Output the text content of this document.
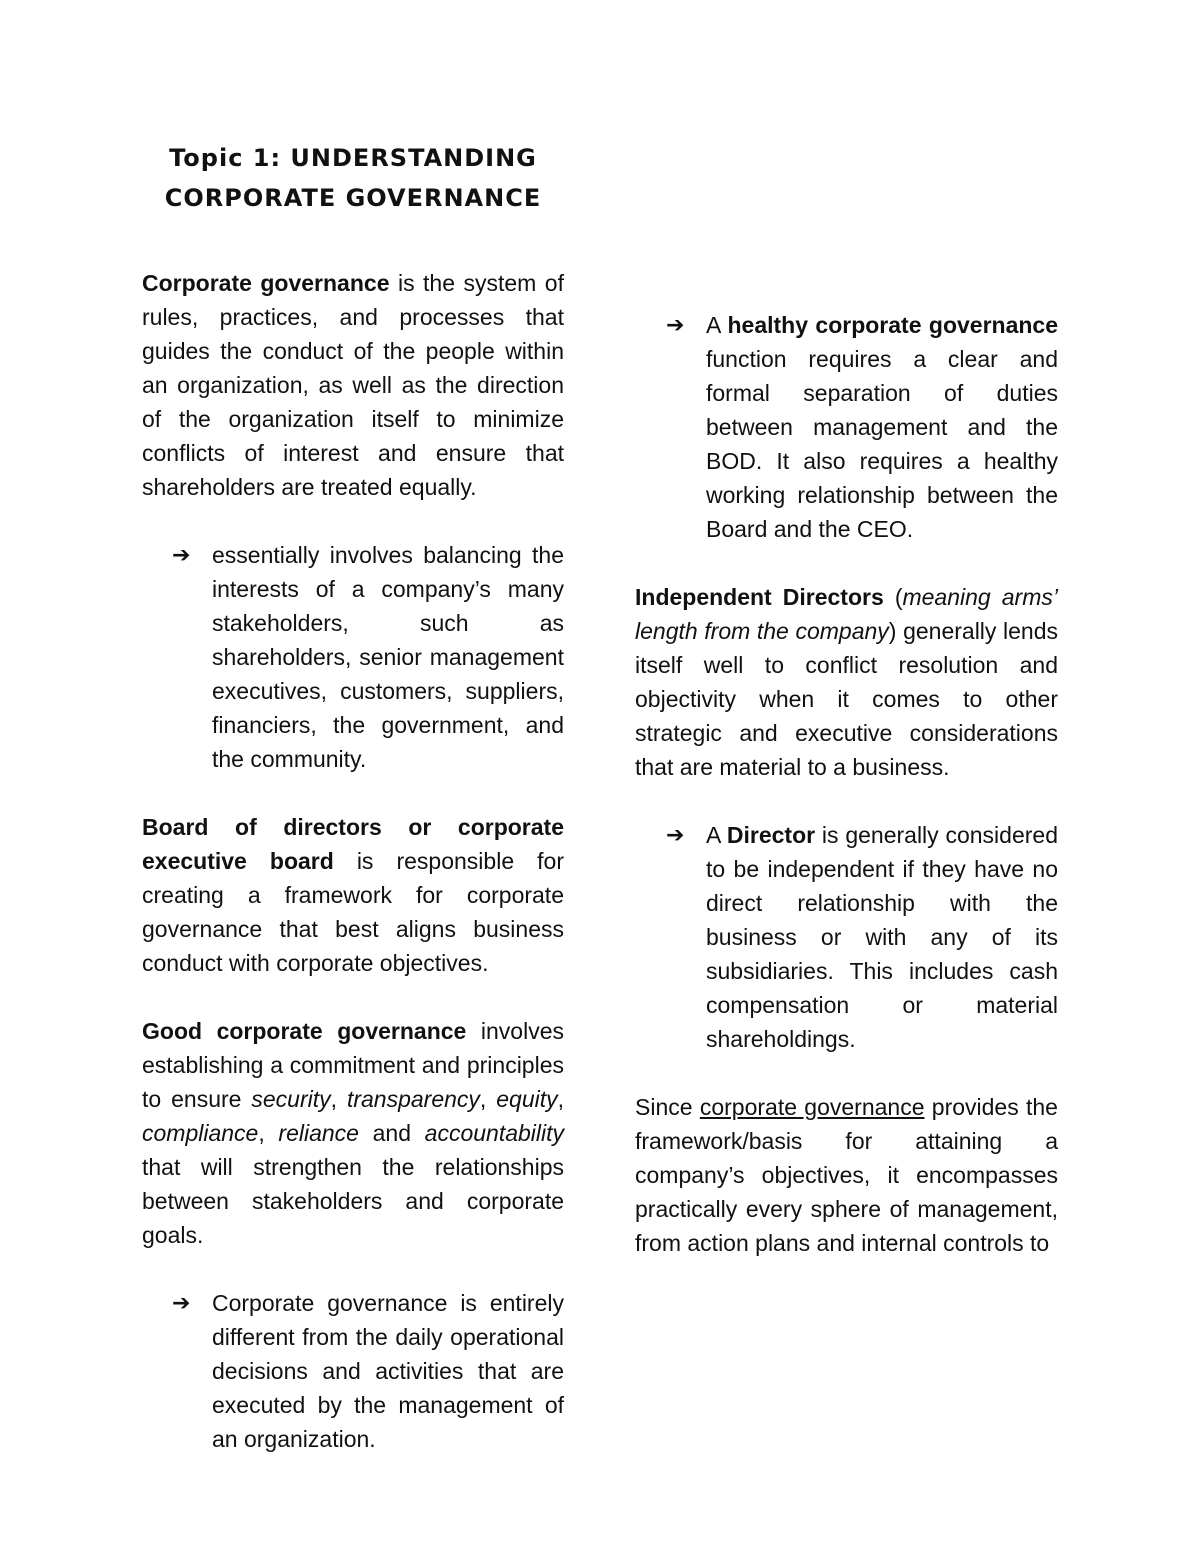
Topic 1: UNDERSTANDING
CORPORATE GOVERNANCE

Corporate governance is the system of rules, practices, and processes that guides the conduct of the people within an organization, as well as the direction of the organization itself to minimize conflicts of interest and ensure that shareholders are treated equally.

➔ essentially involves balancing the interests of a company’s many stakeholders, such as shareholders, senior management executives, customers, suppliers, financiers, the government, and the community.

Board of directors or corporate executive board is responsible for creating a framework for corporate governance that best aligns business conduct with corporate objectives.

Good corporate governance involves establishing a commitment and principles to ensure security, transparency, equity, compliance, reliance and accountability that will strengthen the relationships between stakeholders and corporate goals.

➔ Corporate governance is entirely different from the daily operational decisions and activities that are executed by the management of an organization.
➔ A healthy corporate governance function requires a clear and formal separation of duties between management and the BOD. It also requires a healthy working relationship between the Board and the CEO.

Independent Directors (meaning arms’ length from the company) generally lends itself well to conflict resolution and objectivity when it comes to other strategic and executive considerations that are material to a business.

➔ A Director is generally considered to be independent if they have no direct relationship with the business or with any of its subsidiaries. This includes cash compensation or material shareholdings.

Since corporate governance provides the framework/basis for attaining a company’s objectives, it encompasses practically every sphere of management, from action plans and internal controls to
